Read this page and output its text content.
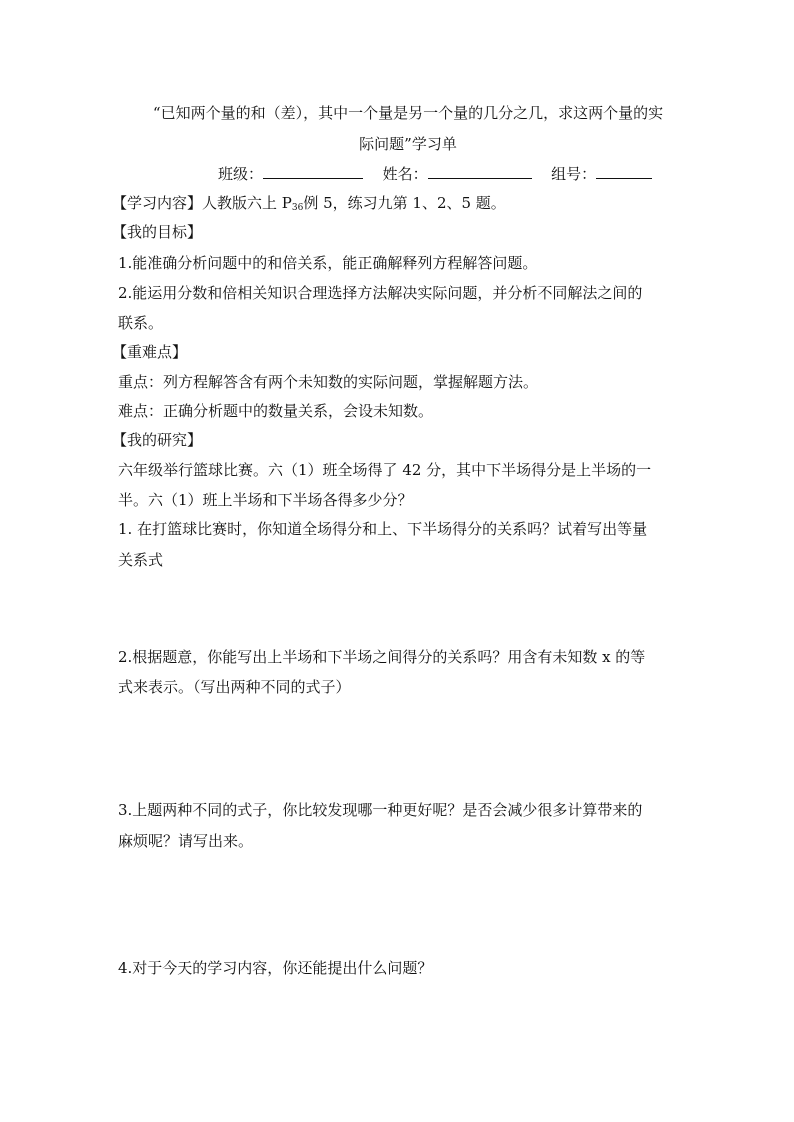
“已知两个量的和（差），其中一个量是另一个量的几分之几，求这两个量的实
际问题”学习单
班级：	姓名：	组号：
【学习内容】人教版六上 $P_{36}$例 5，练习九第 1、2、5 题。
【我的目标】
1.能准确分析问题中的和倍关系，能正确解释列方程解答问题。
2.能运用分数和倍相关知识合理选择方法解决实际问题，并分析不同解法之间的
联系。
【重难点】
重点：列方程解答含有两个未知数的实际问题，掌握解题方法。
难点：正确分析题中的数量关系，会设未知数。
【我的研究】
六年级举行篮球比赛。六（1）班全场得了 42 分，其中下半场得分是上半场的一
半。六（1）班上半场和下半场各得多少分？
1. 在打篮球比赛时，你知道全场得分和上、下半场得分的关系吗？试着写出等量
关系式
2.根据题意，你能写出上半场和下半场之间得分的关系吗？用含有未知数 x 的等
式来表示。（写出两种不同的式子）
3.上题两种不同的式子，你比较发现哪一种更好呢？是否会减少很多计算带来的
麻烦呢？请写出来。
4.对于今天的学习内容，你还能提出什么问题？
